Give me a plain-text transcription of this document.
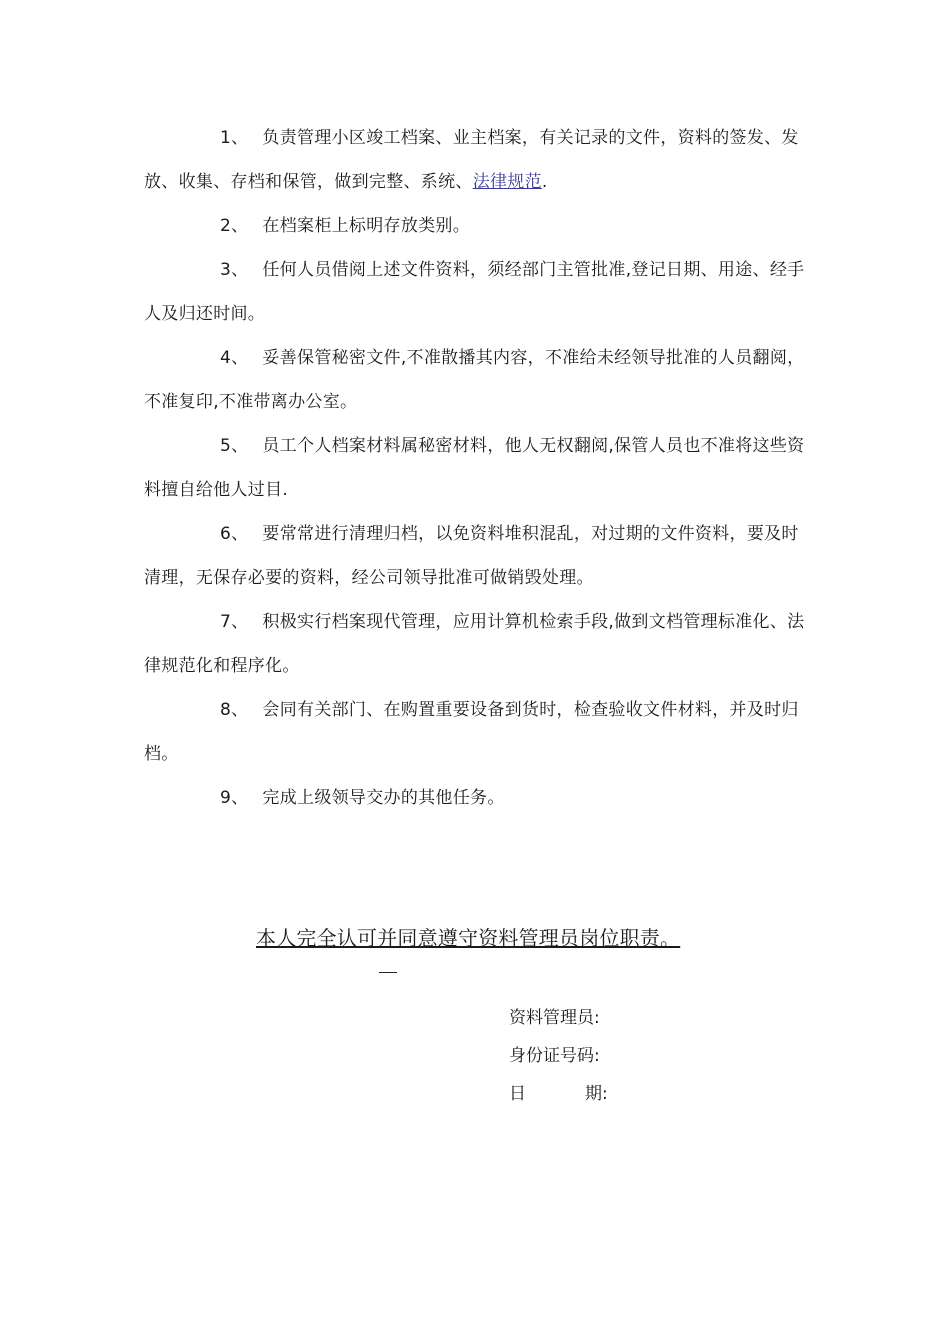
1、 负责管理小区竣工档案、业主档案，有关记录的文件，资料的签发、发放、收集、存档和保管，做到完整、系统、法律规范.

2、 在档案柜上标明存放类别。

3、 任何人员借阅上述文件资料，须经部门主管批准,登记日期、用途、经手人及归还时间。

4、 妥善保管秘密文件,不准散播其内容，不准给未经领导批准的人员翻阅，不准复印,不准带离办公室。

5、 员工个人档案材料属秘密材料，他人无权翻阅,保管人员也不准将这些资料擅自给他人过目.

6、 要常常进行清理归档，以免资料堆积混乱，对过期的文件资料，要及时清理，无保存必要的资料，经公司领导批准可做销毁处理。

7、 积极实行档案现代管理，应用计算机检索手段,做到文档管理标准化、法律规范化和程序化。

8、 会同有关部门、在购置重要设备到货时，检查验收文件材料，并及时归档。

9、 完成上级领导交办的其他任务。

本人完全认可并同意遵守资料管理员岗位职责。
资料管理员:
身份证号码:
日	期:
